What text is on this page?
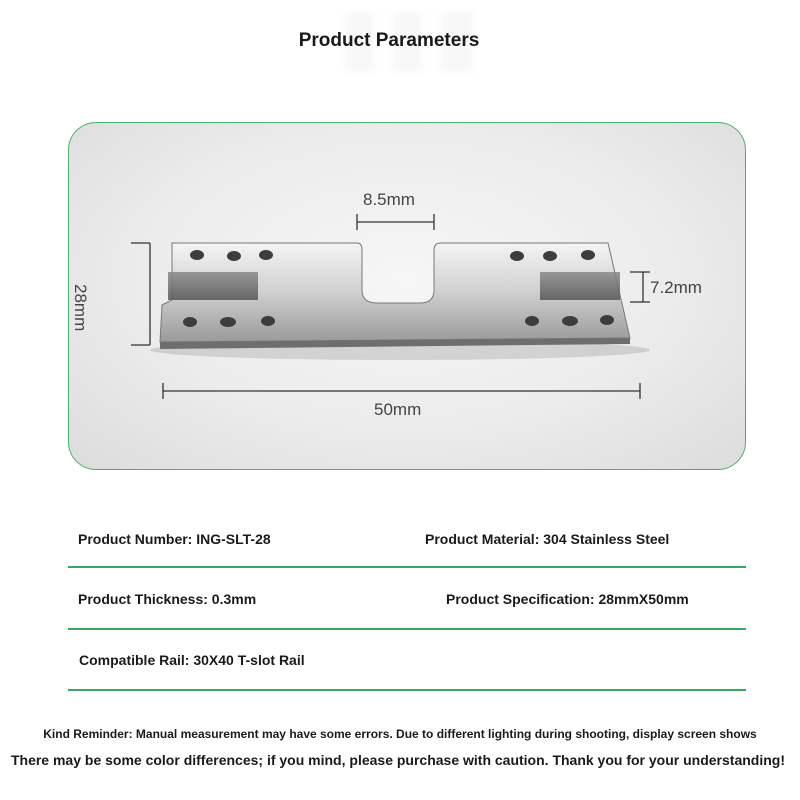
Product Parameters
8.5mm
28mm	7.2mm
50mm
Product Number: ING-SLT-28	Product Material: 304 Stainless Steel
Product Thickness: 0.3mm	Product Specification: 28mmX50mm
Compatible Rail: 30X40 T-slot Rail
Kind Reminder: Manual measurement may have some errors. Due to different lighting during shooting, display screen shows
There may be some color differences; if you mind, please purchase with caution. Thank you for your understanding!
